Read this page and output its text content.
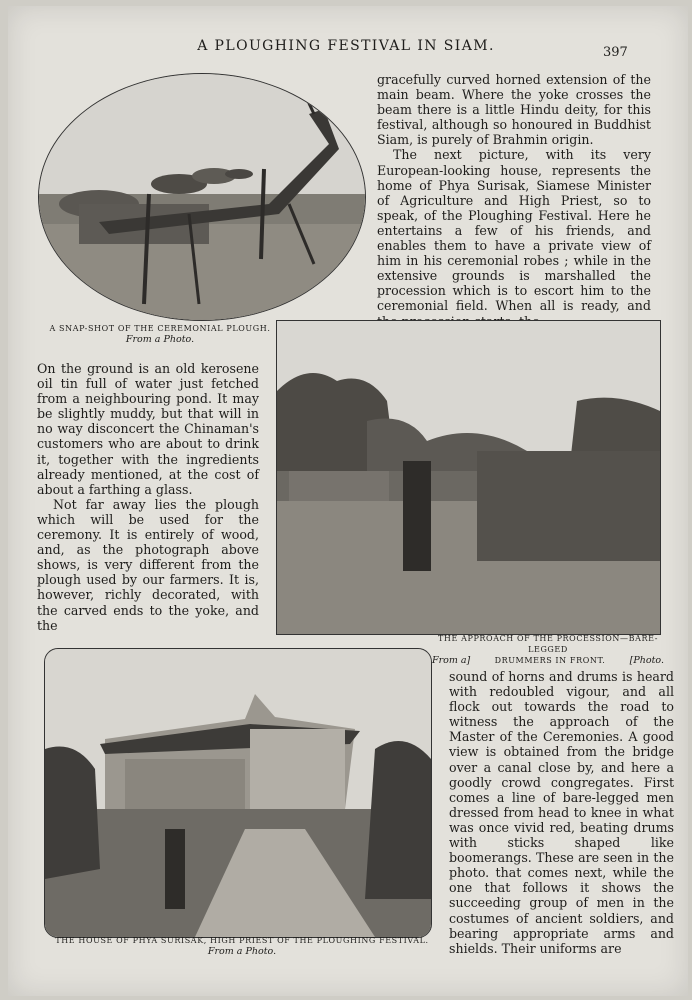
A PLOUGHING FESTIVAL IN SIAM.	397
A SNAP-SHOT OF THE CEREMONIAL PLOUGH.
From a Photo.

gracefully curved horned extension of the main beam. Where the yoke crosses the beam there is a little Hindu deity, for this festival, although so honoured in Buddhist Siam, is purely of Brahmin origin.

The next picture, with its very European-looking house, represents the home of Phya Surisak, Siamese Minister of Agriculture and High Priest, so to speak, of the Ploughing Festival. Here he entertains a few of his friends, and enables them to have a private view of him in his ceremonial robes ; while in the extensive grounds is marshalled the procession which is to escort him to the ceremonial field. When all is ready, and

On the ground is an old kerosene oil tin full of water just fetched from a neighbouring pond. It may be slightly muddy, but that will in no way disconcert the Chinaman's customers who are about to drink it, together with the ingredients already mentioned, at the cost of about a farthing a glass.

Not far away lies the plough which will be used for the ceremony. It is entirely of wood, and, as the photograph above shows, is very different from the plough used by our farmers. It is, however, richly decorated, with the carved ends to the yoke, and the

THE APPROACH OF THE PROCESSION—BARE-LEGGED
From a]	DRUMMERS IN FRONT.	[Photo.
THE HOUSE OF PHYA SURISAK, HIGH PRIEST OF THE PLOUGHING FESTIVAL.
From a Photo.

sound of horns and drums is heard with redoubled vigour, and all flock out towards the road to witness the approach of the Master of the Ceremonies. A good view is obtained from the bridge over a canal close by, and here a goodly crowd congregates. First comes a line of bare-legged men dressed from head to knee in what was once vivid red, beating drums with sticks shaped like boomerangs. These are seen in the photo. that comes next, while the one that follows it shows the succeeding group of men in the costumes of ancient soldiers, and bearing appropriate arms and shields. Their uniforms are
